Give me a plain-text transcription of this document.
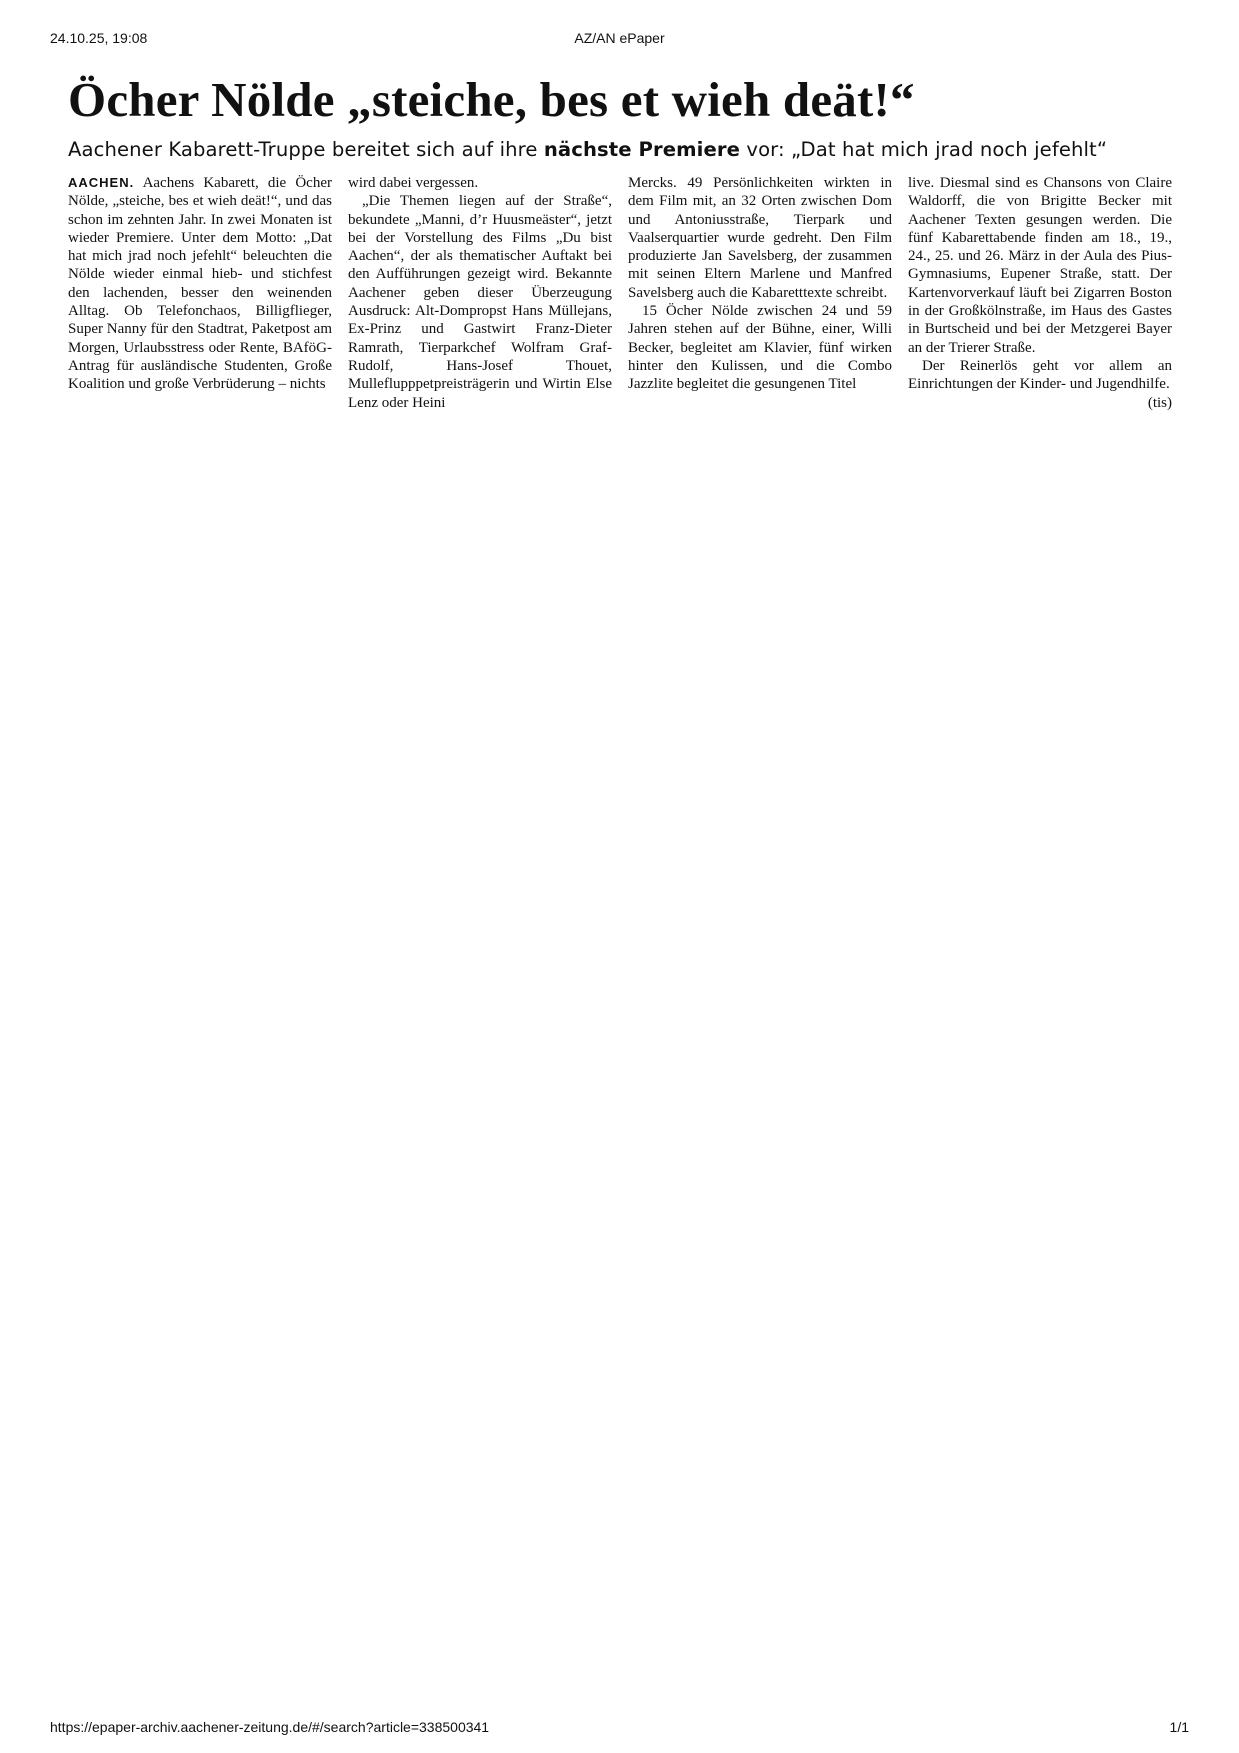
24.10.25, 19:08	AZ/AN ePaper
Öcher Nölde „steiche, bes et wieh deät!“

Aachener Kabarett-Truppe bereitet sich auf ihre nächste Premiere vor: „Dat hat mich jrad noch jefehlt“

AACHEN. Aachens Kabarett, die Öcher Nölde, „steiche, bes et wieh deät!“, und das schon im zehnten Jahr. In zwei Monaten ist wieder Premiere. Unter dem Motto: „Dat hat mich jrad noch jefehlt“ beleuchten die Nölde wieder einmal hieb- und stichfest den lachenden, besser den weinenden Alltag. Ob Telefonchaos, Billigflieger, Super Nanny für den Stadtrat, Paketpost am Morgen, Urlaubsstress oder Rente, BAföG-Antrag für ausländische Studenten, Große Koalition und große Verbrüderung – nichts

wird dabei vergessen.

„Die Themen liegen auf der Straße“, bekundete „Manni, d’r Huusmeäster“, jetzt bei der Vorstellung des Films „Du bist Aachen“, der als thematischer Auftakt bei den Aufführungen gezeigt wird. Bekannte Aachener geben dieser Überzeugung Ausdruck: Alt-Dompropst Hans Müllejans, Ex-Prinz und Gastwirt Franz-Dieter Ramrath, Tierparkchef Wolfram Graf-Rudolf, Hans-Josef Thouet, Mulleflupppetpreisträgerin und Wirtin Else Lenz oder Heini

Mercks. 49 Persönlichkeiten wirkten in dem Film mit, an 32 Orten zwischen Dom und Antoniusstraße, Tierpark und Vaalserquartier wurde gedreht. Den Film produzierte Jan Savelsberg, der zusammen mit seinen Eltern Marlene und Manfred Savelsberg auch die Kabaretttexte schreibt.

15 Öcher Nölde zwischen 24 und 59 Jahren stehen auf der Bühne, einer, Willi Becker, begleitet am Klavier, fünf wirken hinter den Kulissen, und die Combo Jazzlite begleitet die gesungenen Titel

live. Diesmal sind es Chansons von Claire Waldorff, die von Brigitte Becker mit Aachener Texten gesungen werden. Die fünf Kabarettabende finden am 18., 19., 24., 25. und 26. März in der Aula des Pius-Gymnasiums, Eupener Straße, statt. Der Kartenvorverkauf läuft bei Zigarren Boston in der Großkölnstraße, im Haus des Gastes in Burtscheid und bei der Metzgerei Bayer an der Trierer Straße.

Der Reinerlös geht vor allem an Einrichtungen der Kinder- und Jugendhilfe.
(tis)

https://epaper-archiv.aachener-zeitung.de/#/search?article=338500341	1/1
